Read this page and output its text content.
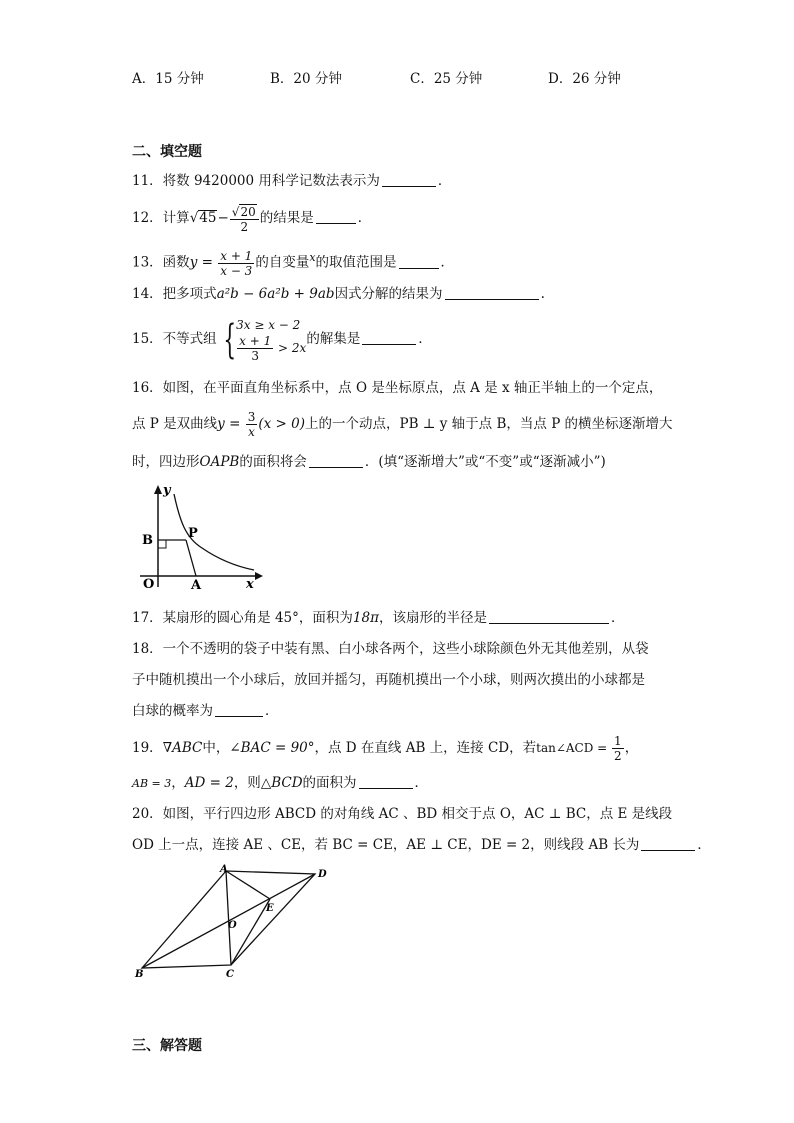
A．15 分钟	B．20 分钟	C．25 分钟	D．26 分钟
二、填空题
11．将数 9420000 用科学记数法表示为	．
12．计算$√45- \frac{√20}{2}$ 的结果是	．
13．函数$y = \frac{x + 1}{x - 3}$ 的自变量$^x$的取值范围是	．
14．把多项式a²b − 6a²b + 9ab因式分解的结果为	.
15．不等式组 { 3x ≥ x − 2
$\frac{x + 1}{3} > 2x$
的解集是	．
16．如图，在平面直角坐标系中，点 O 是坐标原点，点 A 是 x 轴正半轴上的一个定点，
点 P 是双曲线$y = \frac{3}{x} (x > 0)$上的一个动点，PB ⊥ y 轴于点 B，当点 P 的横坐标逐渐增大
时，四边形OAPB的面积将会	．(填“逐渐增大”或“不变”或“逐渐减小”)
y
x
B	P
O	A
17．某扇形的圆心角是 45°，面积为18π，该扇形的半径是	．
18．一个不透明的袋子中装有黑、白小球各两个，这些小球除颜色外无其他差别，从袋
子中随机摸出一个小球后，放回并摇匀，再随机摸出一个小球，则两次摸出的小球都是
白球的概率为	．
19．∇ABC中，∠BAC = 90°，点 D 在直线 AB 上，连接 CD，若tan∠ACD = $\frac{1}{2}$ ，
AB = 3，AD = 2，则△BCD的面积为	．
20．如图，平行四边形 ABCD 的对角线 AC 、BD 相交于点 O，AC ⊥ BC，点 E 是线段
OD 上一点，连接 AE 、CE，若 BC = CE，AE ⊥ CE，DE = 2，则线段 AB 长为	．
A	D
E
O
B	C
三、解答题
